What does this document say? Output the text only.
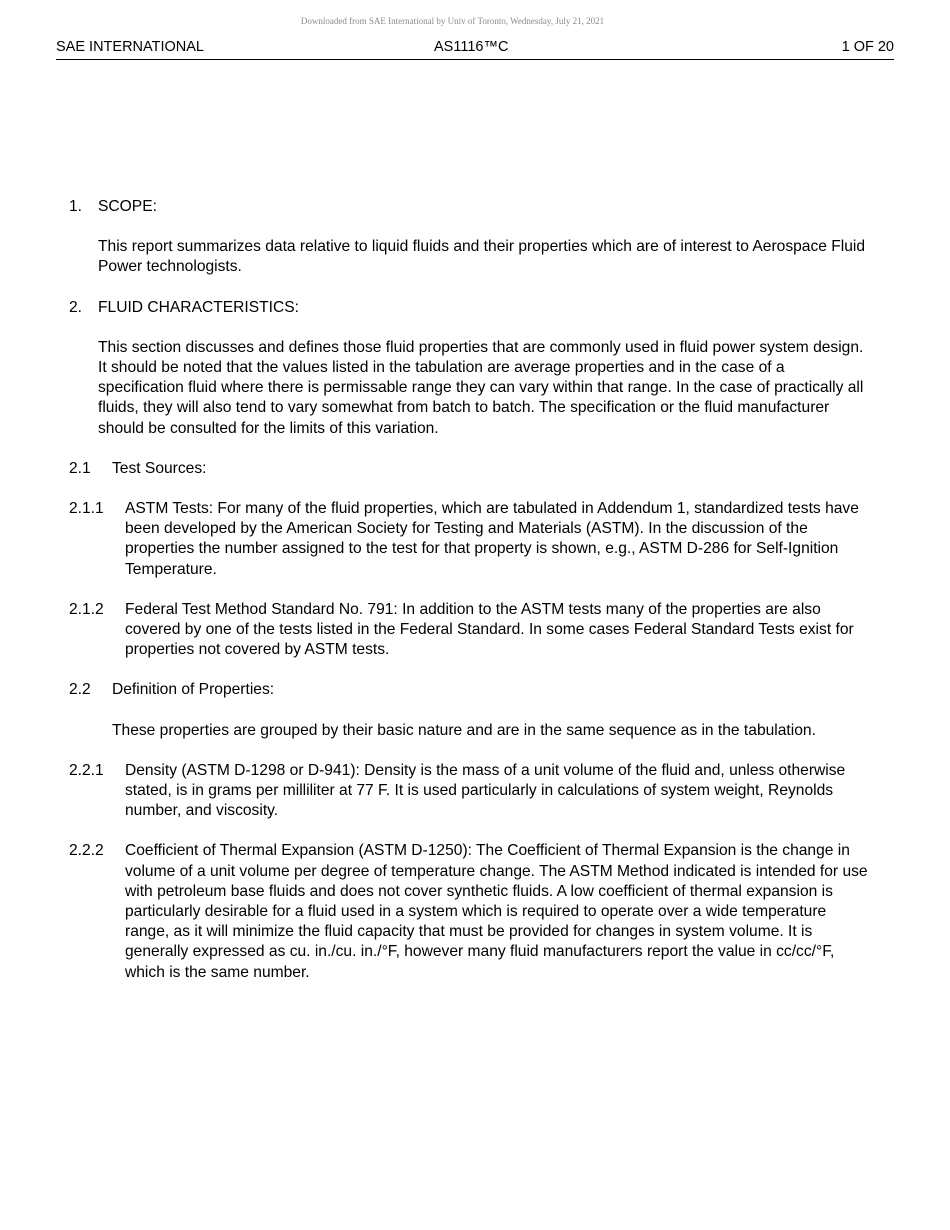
Downloaded from SAE International by Univ of Toronto, Wednesday, July 21, 2021
SAE INTERNATIONAL	AS1116™C	1 OF 20
1.	SCOPE:

This report summarizes data relative to liquid fluids and their properties which are of interest to Aerospace Fluid Power technologists.

2.	FLUID CHARACTERISTICS:

This section discusses and defines those fluid properties that are commonly used in fluid power system design. It should be noted that the values listed in the tabulation are average properties and in the case of a specification fluid where there is permissable range they can vary within that range. In the case of practically all fluids, they will also tend to vary somewhat from batch to batch. The specification or the fluid manufacturer should be consulted for the limits of this variation.

2.1	Test Sources:
2.1.1 ASTM Tests: For many of the fluid properties, which are tabulated in Addendum 1, standardized tests have been developed by the American Society for Testing and Materials (ASTM). In the discussion of the properties the number assigned to the test for that property is shown, e.g., ASTM D-286 for Self-Ignition Temperature.
2.1.2 Federal Test Method Standard No. 791: In addition to the ASTM tests many of the properties are also covered by one of the tests listed in the Federal Standard. In some cases Federal Standard Tests exist for properties not covered by ASTM tests.
2.2	Definition of Properties:

These properties are grouped by their basic nature and are in the same sequence as in the tabulation.

2.2.1 Density (ASTM D-1298 or D-941): Density is the mass of a unit volume of the fluid and, unless otherwise stated, is in grams per milliliter at 77 F. It is used particularly in calculations of system weight, Reynolds number, and viscosity.
2.2.2 Coefficient of Thermal Expansion (ASTM D-1250): The Coefficient of Thermal Expansion is the change in volume of a unit volume per degree of temperature change. The ASTM Method indicated is intended for use with petroleum base fluids and does not cover synthetic fluids. A low coefficient of thermal expansion is particularly desirable for a fluid used in a system which is required to operate over a wide temperature range, as it will minimize the fluid capacity that must be provided for changes in system volume. It is generally expressed as cu. in./cu. in./°F, however many fluid manufacturers report the value in cc/cc/°F, which is the same number.
